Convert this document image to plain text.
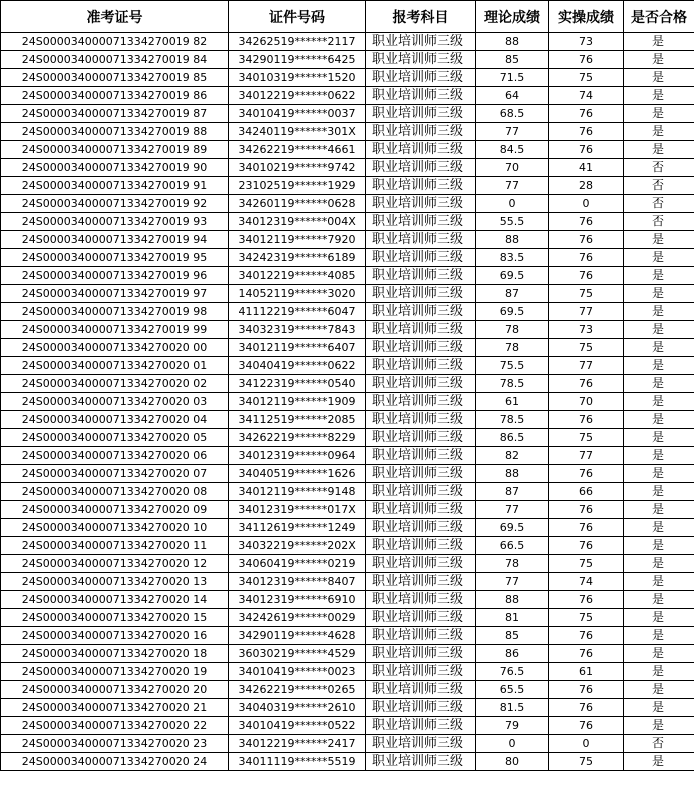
准考证号	证件号码	报考科目	理论成绩	实操成绩	是否合格
24S000034000071334270019 82	34262519******2117	职业培训师三级	88	73	是
24S000034000071334270019 84	34290119******6425	职业培训师三级	85	76	是
24S000034000071334270019 85	34010319******1520	职业培训师三级	71.5	75	是
24S000034000071334270019 86	34012219******0622	职业培训师三级	64	74	是
24S000034000071334270019 87	34010419******0037	职业培训师三级	68.5	76	是
24S000034000071334270019 88	34240119******301X	职业培训师三级	77	76	是
24S000034000071334270019 89	34262219******4661	职业培训师三级	84.5	76	是
24S000034000071334270019 90	34010219******9742	职业培训师三级	70	41	否
24S000034000071334270019 91	23102519******1929	职业培训师三级	77	28	否
24S000034000071334270019 92	34260119******0628	职业培训师三级	0	0	否
24S000034000071334270019 93	34012319******004X	职业培训师三级	55.5	76	否
24S000034000071334270019 94	34012119******7920	职业培训师三级	88	76	是
24S000034000071334270019 95	34242319******6189	职业培训师三级	83.5	76	是
24S000034000071334270019 96	34012219******4085	职业培训师三级	69.5	76	是
24S000034000071334270019 97	14052119******3020	职业培训师三级	87	75	是
24S000034000071334270019 98	41112219******6047	职业培训师三级	69.5	77	是
24S000034000071334270019 99	34032319******7843	职业培训师三级	78	73	是
24S000034000071334270020 00	34012119******6407	职业培训师三级	78	75	是
24S000034000071334270020 01	34040419******0622	职业培训师三级	75.5	77	是
24S000034000071334270020 02	34122319******0540	职业培训师三级	78.5	76	是
24S000034000071334270020 03	34012119******1909	职业培训师三级	61	70	是
24S000034000071334270020 04	34112519******2085	职业培训师三级	78.5	76	是
24S000034000071334270020 05	34262219******8229	职业培训师三级	86.5	75	是
24S000034000071334270020 06	34012319******0964	职业培训师三级	82	77	是
24S000034000071334270020 07	34040519******1626	职业培训师三级	88	76	是
24S000034000071334270020 08	34012119******9148	职业培训师三级	87	66	是
24S000034000071334270020 09	34012319******017X	职业培训师三级	77	76	是
24S000034000071334270020 10	34112619******1249	职业培训师三级	69.5	76	是
24S000034000071334270020 11	34032219******202X	职业培训师三级	66.5	76	是
24S000034000071334270020 12	34060419******0219	职业培训师三级	78	75	是
24S000034000071334270020 13	34012319******8407	职业培训师三级	77	74	是
24S000034000071334270020 14	34012319******6910	职业培训师三级	88	76	是
24S000034000071334270020 15	34242619******0029	职业培训师三级	81	75	是
24S000034000071334270020 16	34290119******4628	职业培训师三级	85	76	是
24S000034000071334270020 18	36030219******4529	职业培训师三级	86	76	是
24S000034000071334270020 19	34010419******0023	职业培训师三级	76.5	61	是
24S000034000071334270020 20	34262219******0265	职业培训师三级	65.5	76	是
24S000034000071334270020 21	34040319******2610	职业培训师三级	81.5	76	是
24S000034000071334270020 22	34010419******0522	职业培训师三级	79	76	是
24S000034000071334270020 23	34012219******2417	职业培训师三级	0	0	否
24S000034000071334270020 24	34011119******5519	职业培训师三级	80	75	是
